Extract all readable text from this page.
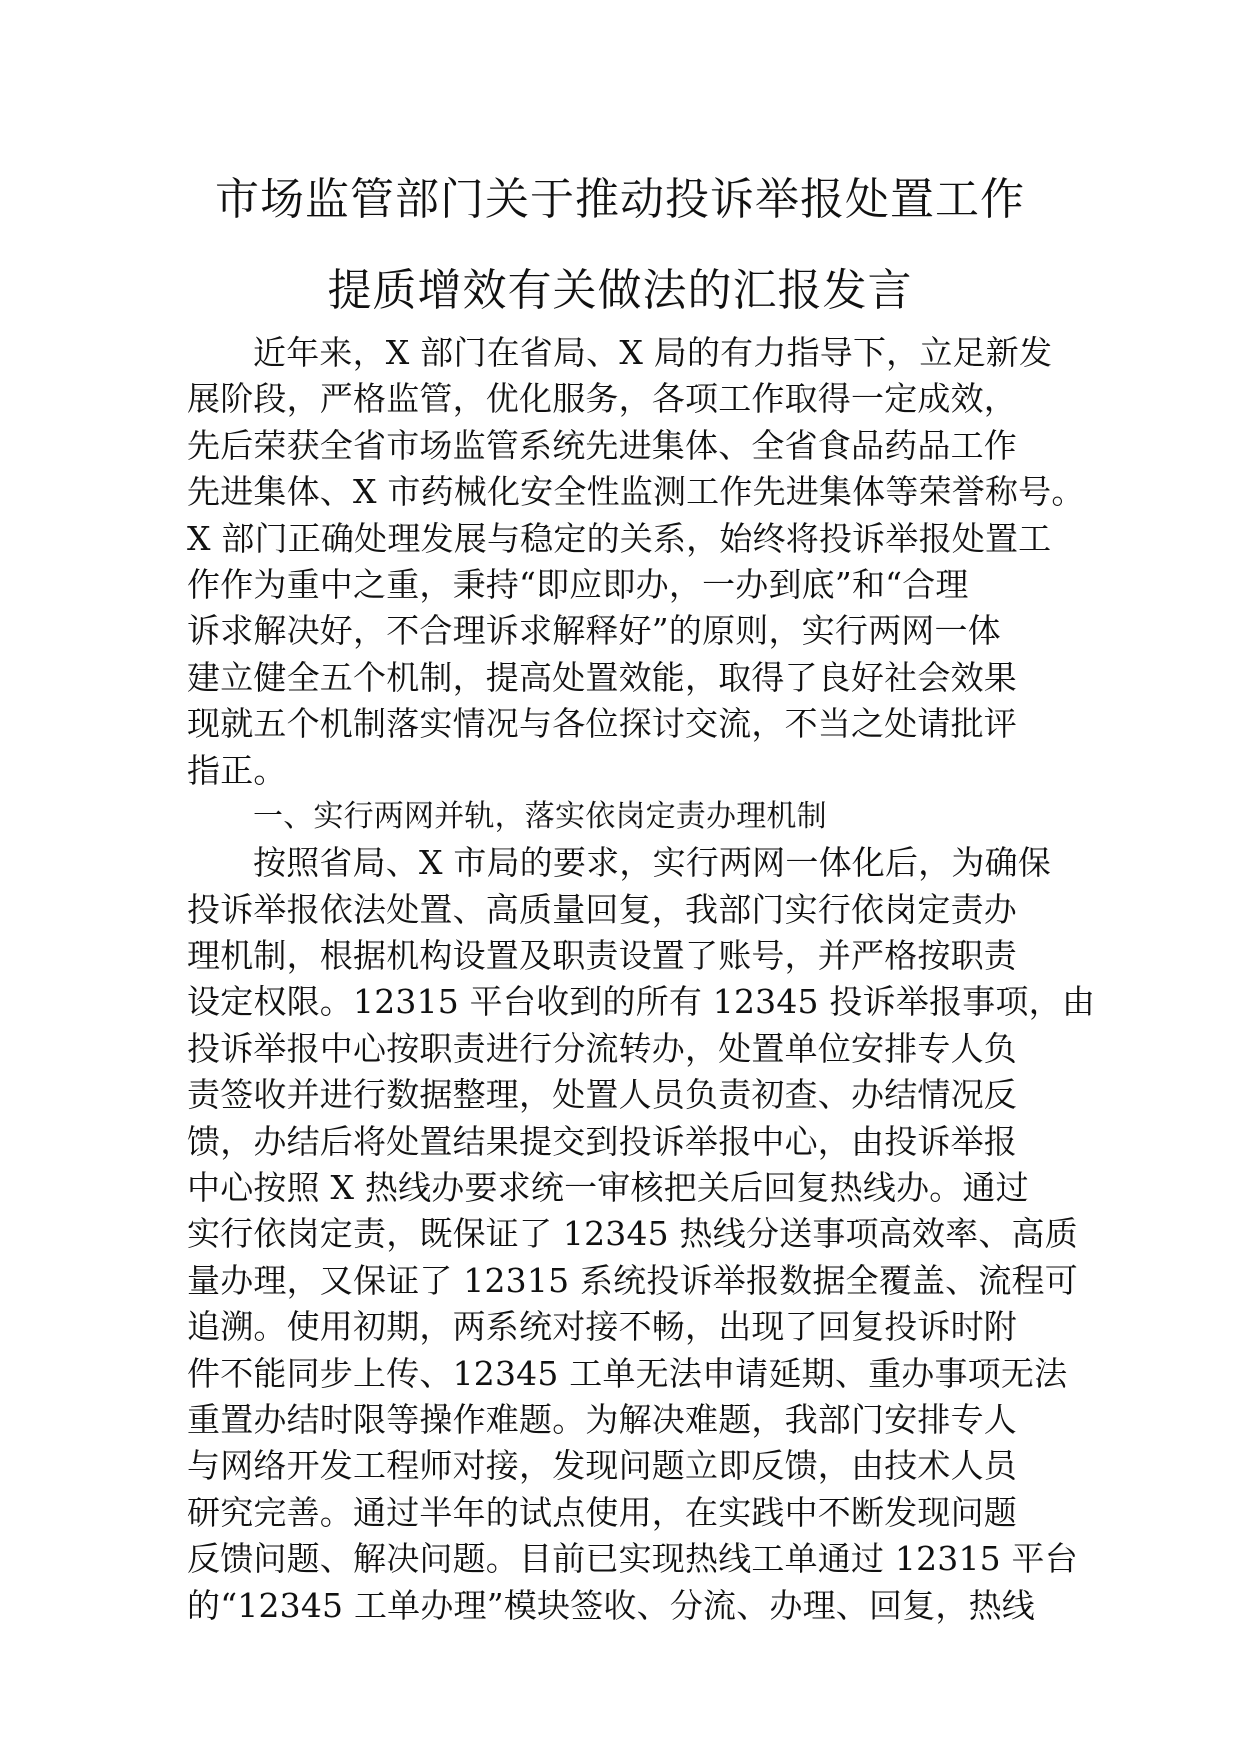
市场监管部门关于推动投诉举报处置工作
提质增效有关做法的汇报发言
近年来，X 部门在省局、X 局的有力指导下，立足新发
展阶段，严格监管，优化服务，各项工作取得一定成效，
先后荣获全省市场监管系统先进集体、全省食品药品工作
先进集体、X 市药械化安全性监测工作先进集体等荣誉称号。
X 部门正确处理发展与稳定的关系，始终将投诉举报处置工
作作为重中之重，秉持“即应即办，一办到底”和“合理
诉求解决好，不合理诉求解释好”的原则，实行两网一体
建立健全五个机制，提高处置效能，取得了良好社会效果
现就五个机制落实情况与各位探讨交流，不当之处请批评
指正。
一、实行两网并轨，落实依岗定责办理机制
按照省局、X 市局的要求，实行两网一体化后，为确保
投诉举报依法处置、高质量回复，我部门实行依岗定责办
理机制，根据机构设置及职责设置了账号，并严格按职责
设定权限。12315 平台收到的所有 12345 投诉举报事项，由
投诉举报中心按职责进行分流转办，处置单位安排专人负
责签收并进行数据整理，处置人员负责初查、办结情况反
馈，办结后将处置结果提交到投诉举报中心，由投诉举报
中心按照 X 热线办要求统一审核把关后回复热线办。通过
实行依岗定责，既保证了 12345 热线分送事项高效率、高质
量办理，又保证了 12315 系统投诉举报数据全覆盖、流程可
追溯。使用初期，两系统对接不畅，出现了回复投诉时附
件不能同步上传、12345 工单无法申请延期、重办事项无法
重置办结时限等操作难题。为解决难题，我部门安排专人
与网络开发工程师对接，发现问题立即反馈，由技术人员
研究完善。通过半年的试点使用，在实践中不断发现问题
反馈问题、解决问题。目前已实现热线工单通过 12315 平台
的“12345 工单办理”模块签收、分流、办理、回复，热线
